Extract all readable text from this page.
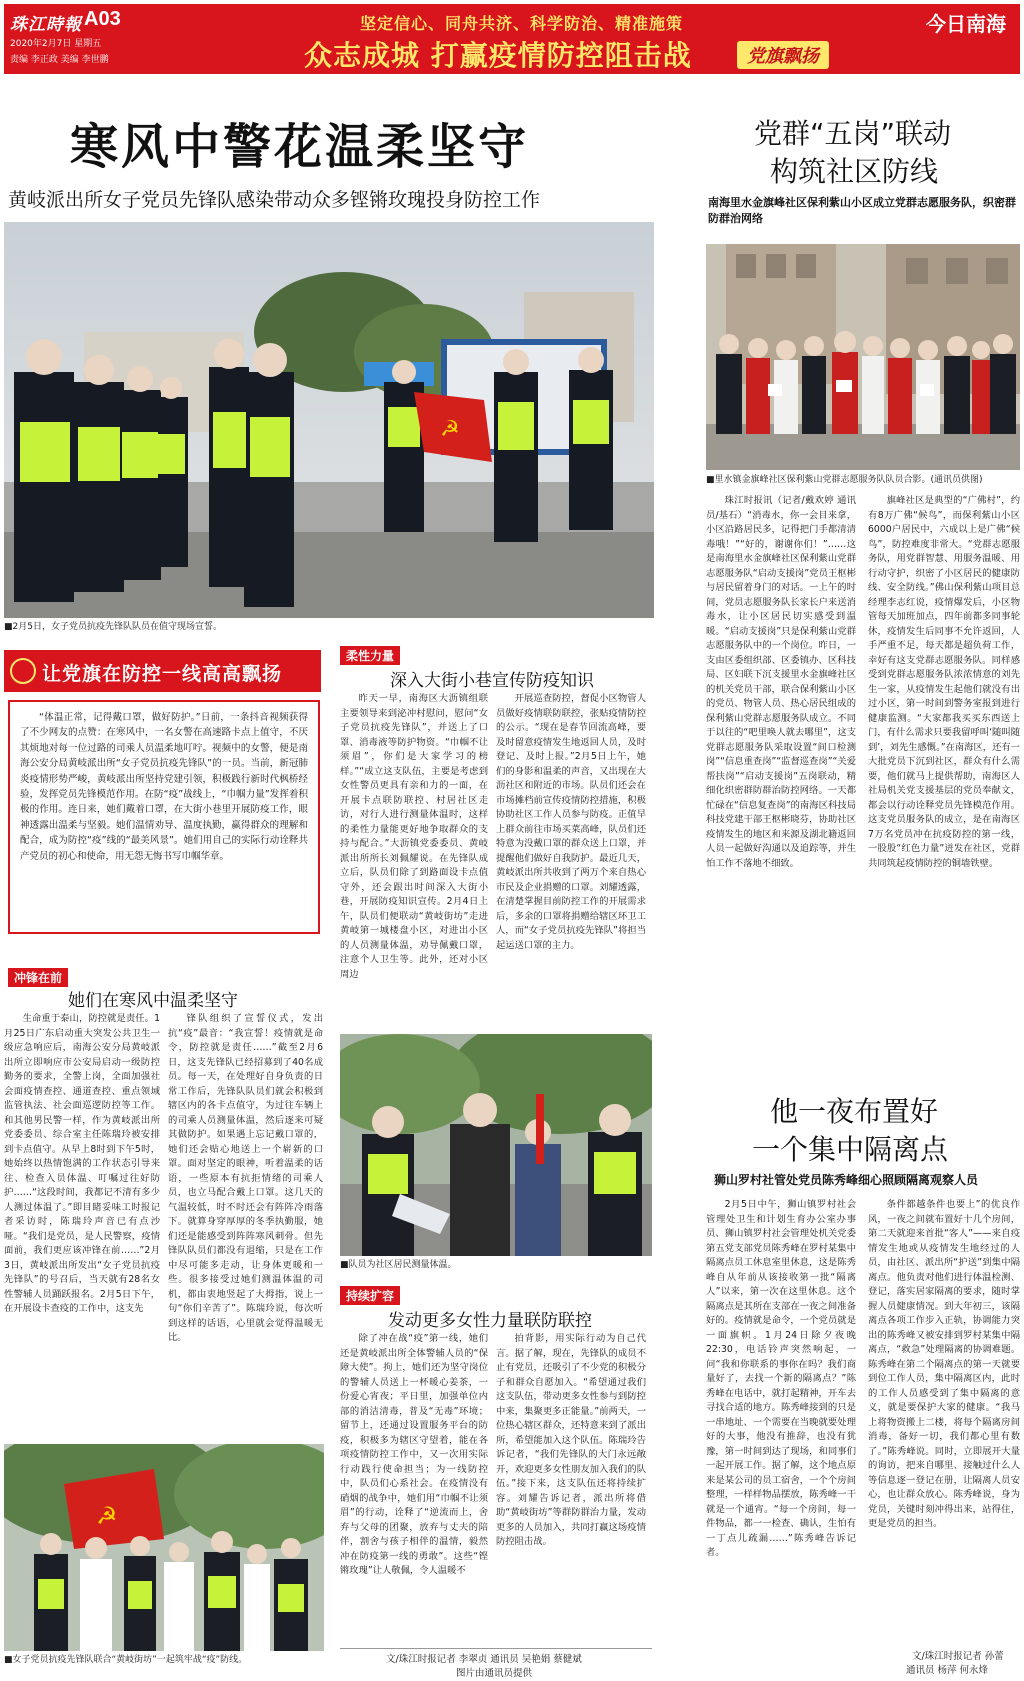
珠江時報 A03
2020年2月7日 星期五
责编 李正政 美编 李世鹏
坚定信心、同舟共济、科学防治、精准施策
众志成城 打赢疫情防控阻击战	党旗飘扬
今日南海
寒风中警花温柔坚守
黄岐派出所女子党员先锋队感染带动众多铿锵玫瑰投身防控工作
☭
■2月5日，女子党员抗疫先锋队队员在值守现场宣誓。
让党旗在防控一线高高飘扬

“体温正常，记得戴口罩，做好防护。”日前，一条抖音视频获得了不少网友的点赞：在寒风中，一名女警在高速路卡点上值守，不厌其烦地对每一位过路的司乘人员温柔地叮咛。视频中的女警，便是南海公安分局黄岐派出所“女子党员抗疫先锋队”的一员。当前，新冠肺炎疫情形势严峻，黄岐派出所坚持党建引领，积极践行新时代枫桥经验，发挥党员先锋模范作用。在防“疫”战线上，“巾帼力量”发挥着积极的作用。连日来，她们戴着口罩，在大街小巷里开展防疫工作，眼神透露出温柔与坚毅。她们温情劝导、温度执勤，赢得群众的理解和配合，成为防控“疫”线的“最美风景”。她们用自己的实际行动诠释共产党员的初心和使命，用无怨无悔书写巾帼华章。

冲锋在前
她们在寒风中温柔坚守

生命重于泰山，防控就是责任。1月25日广东启动重大突发公共卫生一级应急响应后，南海公安分局黄岐派出所立即响应市公安局启动一级防控勤务的要求，全警上岗，全面加强社会面疫情查控、通道查控、重点领域监管执法、社会面巡逻防控等工作。和其他男民警一样，作为黄岐派出所党委委员、综合室主任陈瑞玲被安排到卡点值守。从早上8时到下午5时，她始终以热情饱满的工作状态引导来往、检查入员体温、叮嘱过往好防护……“这段时间，我都记不清有多少人测过体温了。”即目睹妥味工时报记者采访时，陈瑞玲声音已有点沙哑。“我们是党员，是人民警察，疫情面前，我们更应该冲锋在前……”2月3日，黄岐派出所发出“女子党员抗疫先锋队”的号召后，当天就有28名女性警辅人员踊跃报名。2月5日下午，在开展设卡查疫的工作中，这支先

锋队组织了宣誓仪式，发出抗“疫”最音：“我宣誓！疫情就是命令，防控就是责任……”截至2月6日，这支先锋队已经招募到了40名成员。每一天，在处理好自身负责的日常工作后，先锋队队员们就会积极到辖区内的各卡点值守，为过往车辆上的司乘人员测量体温，然后逐来可疑其做防护。如果遇上忘记戴口罩的，她们还会贴心地送上一个崭新的口罩。面对坚定的眼神，听着温柔的话语，一些原本有抗拒情绪的司乘人员，也立马配合戴上口罩。这几天的气温较低，时不时还会有阵阵冷雨落下。就算身穿厚厚的冬季执勤服，她们还是能感受到阵阵寒风刺骨。但先锋队队员们都没有退缩，只是在工作中尽可能多走动，让身体更暖和一些。很多接受过她们测温体温的司机，都由衷地竖起了大拇指，说上一句“你们辛苦了”。陈瑞玲说，每次听到这样的话语，心里就会觉得温暖无比。

☭
■女子党员抗疫先锋队联合“黄岐街坊”一起筑牢战“疫”防线。
柔性力量
深入大街小巷宣传防疫知识

昨天一早，南海区大沥镇组联主要领导来到泌冲村慰问，慰问“女子党员抗疫先锋队”，并送上了口罩、消毒液等防护物资。“巾帼不让须眉”，你们是大家学习的榜样。”“成立这支队伍，主要是考虑到女性警员更具有亲和力的一面，在开展卡点联防联控、村居社区走访，对行人进行测量体温时，这样的柔性力量能更好地争取群众的支持与配合。”大沥镇党委委员、黄岐派出所所长刘佩耀说。在先锋队成立后，队员们除了到路面设卡点值守外，还会跟出时间深入大街小巷，开展防疫知识宣传。2月4日上午，队员们便联动“黄岐街坊”走进黄岐第一城楼盘小区，对进出小区的人员测量体温，劝导佩戴口罩，注意个人卫生等。此外，还对小区周边

开展巡查防控，督促小区物管人员做好疫情联防联控，张贴疫情防控的公示。“现在是春节回流高峰，要及时留意疫情发生地返回人员，及时登记、及时上报。”2月5日上午，她们的身影和温柔的声音，又出现在大沥社区和附近的市场。队员们还会在市场摊档前宣传疫情防控措施，积极协助社区工作人员参与防疫。正值早上群众前往市场买菜高峰，队员们还特意为没戴口罩的群众送上口罩，并提醒他们做好自我防护。最近几天，黄岐派出所共收到了两万个来自热心市民及企业捐赠的口罩。刘耀透露，在清楚掌握目前防控工作的开展需求后，多余的口罩将捐赠给辖区环卫工人，而“女子党员抗疫先锋队”将担当起运送口罩的主力。

■队员为社区居民测量体温。
持续扩容
发动更多女性力量联防联控

除了冲在战“疫”第一线，她们还是黄岐派出所全体警辅人员的“保障大使”。拘上，她们还为坚守岗位的警辅人员送上一杯暖心姜茶，一份爱心宵夜；平日里，加强单位内部的消洁清毒，普及“无毒”环境；留节上，还通过设置服务平台的防疫，积极多为辖区守望着，能在各项疫情防控工作中，又一次用实际行动践行使命担当；为一线防控中，队员们心系社会。在疫情没有硝烟的战争中，她们用“巾帼不让须眉”的行动，诠释了“逆流而上，舍弃与父母的团聚，放弃与丈夫的陪伴，割舍与孩子相伴的温情，毅然冲在防疫第一线的勇敢”。这些“铿锵玫瑰”让人敬佩，令人温暖不

拍背影，用实际行动为自己代言。据了解，现在，先锋队的成员不止有党员，还吸引了不少党的积极分子和群众自愿加入。“希望通过我们这支队伍，带动更多女性参与到防控中来，集聚更多正能量。”前两天，一位热心辖区群众，还特意来到了派出所，希望能加入这个队伍。陈瑞玲告诉记者，“我们先锋队的大门永远敞开，欢迎更多女性朋友加入我们的队伍。”接下来，这支队伍还将持续扩容。刘耀告诉记者，派出所将借助“黄岐街坊”等群防群治力量，发动更多的人员加入，共同打赢这场疫情防控阻击战。

文/珠江时报记者 李翠贞 通讯员 吴艳娟 蔡健斌
图片由通讯员提供
党群“五岗”联动
构筑社区防线
南海里水金旗峰社区保利紫山小区成立党群志愿服务队，织密群防群治网络
■里水镇金旗峰社区保利紫山党群志愿服务队队员合影。(通讯员供图)

珠江时报讯（记者/戴欢婷 通讯员/基石）“消毒水，你一会目来拿，小区沿路居民多，记得把门手都清清毒哦！”“好的，谢谢你们！”……这是南海里水金旗峰社区保利紫山党群志愿服务队“启动支援岗”党员王枢彬与居民留着身门的对话。一上午的时间，党员志愿服务队长家长户来送消毒水，让小区居民切实感受到温暖。“启动支援岗”只是保利紫山党群志愿服务队中的一个岗位。昨日，一支由区委组织部、区委镇办、区科技局、区妇联下沉支援里水金旗峰社区的机关党员干部，联合保利紫山小区的党员、物管人员、热心居民组成的保利紫山党群志愿服务队成立。不同于以往的“吧里唤人就去哪里”，这支党群志愿服务队采取设置“间口检测岗”“信息重查岗”“监督巡查岗”“关爱帮扶岗”“启动支援岗”五岗联动，精细化织密群防群治防控网络。一天都忙碌在“信息复查岗”的南海区科技局科技党建干部王枢彬晓芬，协助社区疫情发生的地区和来源及湖北籍返回人员一起做好沟通以及追踪等，并生怕工作不落地不细致。

旗峰社区是典型的“广佛村”，约有8万广佛“候鸟”，而保利紫山小区6000户居民中，六成以上是广佛“候鸟”，防控难度非常大。“党群志愿服务队，用党群智慧、用服务温暖、用行动守护，织密了小区居民的健康防线、安全防线。”佛山保利紫山项目总经理李志红说，疫情爆发后，小区物管每天加班加点，四年前都多同事轮休，疫情发生后同事不允许返回，人手严重不足，每天都是超负荷工作，幸好有这支党群志愿服务队。同样感受到党群志愿服务队浓浓情意的刘先生一家，从疫情发生起他们就没有出过小区，第一时间到警务室报到进行健康监测。“大家都我买买东西送上门，有什么需求只要我留呼叫‘随叫随到’，刘先生感慨。”在南海区，还有一大批党员下沉到社区，群众有什么需要，他们就马上提供帮助，南海区人社局机关党支援基层的党员奉献文，都会以行动诠释党员先锋模范作用。这支党员服务队的成立，是在南海区7万名党员冲在抗疫防控的第一线，一股股“红色力量”迸发在社区，党群共同筑起疫情防控的铜墙铁壁。

他一夜布置好
一个集中隔离点
狮山罗村社管处党员陈秀峰细心照顾隔离观察人员

2月5日中午，狮山镇罗村社会管理处卫生和计划生育办公室办事员、狮山镇罗村社会管理处机关党委第五党支部党员陈秀峰在罗村某集中隔离点员工休息室里休息，这是陈秀峰自从年前从该接收第一批“隔离人”以来，第一次在这里休息。这个隔离点是其所在支部在一夜之间准备好的。疫情就是命令，一个党员就是一面旗帜。1月24日除夕夜晚22:30，电话铃声突然响起，一问“我和你联系的事你在吗？我们商量好了，去找一个新的隔离点？”陈秀峰在电话中，就打起精神，开车去寻找合适的地方。陈秀峰接到的只是一串地址、一个需要在当晚就要处理好的大事，他没有推辞，也没有犹豫，第一时间到达了现场，和同事们一起开展工作。据了解，这个地点原来是某公司的员工宿舍，一个个房间整理，一样样物品摆放，陈秀峰一干就是一个通宵。“每一个房间，每一件物品，都一一检查、确认，生怕有一丁点儿疏漏……”陈秀峰告诉记者。

条件都越条件也要上”的优良作风，一夜之间就布置好十几个房间，第二天就迎来首批“客人”——来自疫情发生地或从疫情发生地经过的人员，由社区、派出所“护送”到集中隔离点。他负责对他们进行体温检测、登记，落实居家隔离的要求，随时掌握人员健康情况。到大年初三，该隔离点各项工作步入正轨，协调能力突出的陈秀峰又被安排到罗村某集中隔离点，“救急”处理隔离的协调难题。陈秀峰在第二个隔离点的第一天就要到位工作人员，集中隔离区内，此时的工作人员感受到了集中隔离的意义，就是要保护大家的健康。“我马上将物资搬上二楼，将每个隔离房间消毒，备好一切，我们都心里有数了。”陈秀峰说。同时，立即展开大量的询访，把来自哪里、接触过什么人等信息逐一登记在册，让隔离人员安心，也让群众放心。陈秀峰说，身为党员，关键时刻冲得出来，站得住，更是党员的担当。

文/珠江时报记者 孙蕾
通讯员 杨萍 何永烽
